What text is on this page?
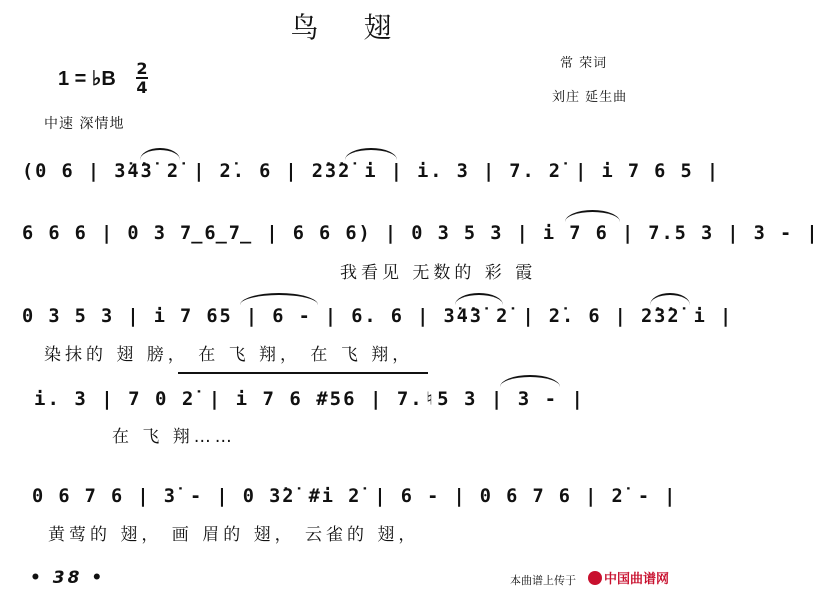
鸟 翅
常 荣词
刘庄 延生曲
1 = ♭B 2
4
中速 深情地
(0 6 | 3̇4̇3̇ 2̇ | 2̇. 6 | 2̇3̇2̇ i | i. 3 | 7. 2̇ | i 7 6 5 |
6 6 6 | 0 3 7̲6̲7̲ | 6 6 6) | 0 3 5 3 | i 7 6 | 7.5 3 | 3 - |
我看见 无数的 彩 霞
0 3 5 3 | i 7 65 | 6 - | 6. 6 | 3̇4̇3̇ 2̇ | 2̇. 6 | 2̇3̇2̇ i |
染抹的 翅 膀， 在 飞 翔， 在 飞 翔，
i. 3 | 7 0 2̇ | i 7 6 #56 | 7.♮5 3 | 3 - |
在 飞 翔……
0 6 7 6 | 3̇ - | 0 3̇2̇ #i 2̇ | 6 - | 0 6 7 6 | 2̇ - |
黄莺的 翅， 画 眉的 翅， 云雀的 翅，
• 38 •	本曲谱上传于	中国曲谱网
